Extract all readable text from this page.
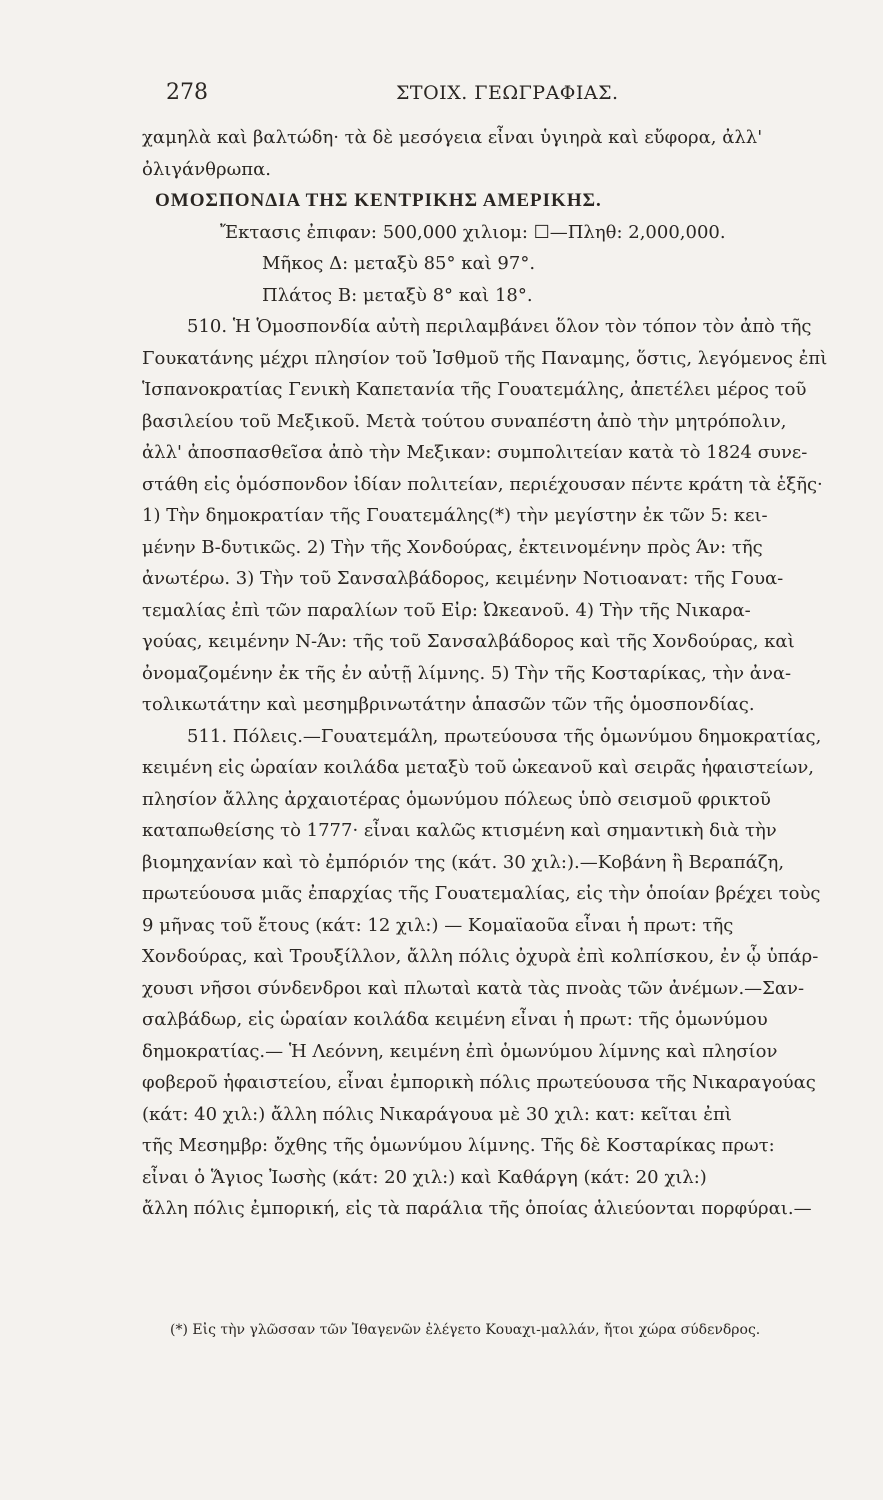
278	ΣΤΟΙΧ. ΓΕΩΓΡΑΦΙΑΣ.

χαμηλὰ καὶ βαλτώδη· τὰ δὲ μεσόγεια εἶναι ὑγιηρὰ καὶ εὔφορα, ἀλλ'

ὀλιγάνθρωπα.

ΟΜΟΣΠΟΝΔΙΑ ΤΗΣ ΚΕΝΤΡΙΚΗΣ ΑΜΕΡΙΚΗΣ.

Ἔκτασις ἐπιφαν: 500,000 χιλιομ: ☐—Πληθ: 2,000,000.

Μῆκος Δ: μεταξὺ 85° καὶ 97°.

Πλάτος Β: μεταξὺ 8° καὶ 18°.

510. Ἡ Ὁμοσπονδία αὐτὴ περιλαμβάνει ὅλον τὸν τόπον τὸν ἀπὸ τῆς

Γουκατάνης μέχρι πλησίον τοῦ Ἰσθμοῦ τῆς Παναμης, ὅστις, λεγόμενος ἐπὶ

Ἱσπανοκρατίας Γενικὴ Καπετανία τῆς Γουατεμάλης, ἀπετέλει μέρος τοῦ

βασιλείου τοῦ Μεξικοῦ. Μετὰ τούτου συναπέστη ἀπὸ τὴν μητρόπολιν,

ἀλλ' ἀποσπασθεῖσα ἀπὸ τὴν Μεξικαν: συμπολιτείαν κατὰ τὸ 1824 συνε-

στάθη εἰς ὁμόσπονδον ἰδίαν πολιτείαν, περιέχουσαν πέντε κράτη τὰ ἑξῆς·

1) Τὴν δημοκρατίαν τῆς Γουατεμάλης(*) τὴν μεγίστην ἐκ τῶν 5: κει-

μένην Β-δυτικῶς. 2) Τὴν τῆς Χονδούρας, ἐκτεινομένην πρὸς Άν: τῆς

ἀνωτέρω. 3) Τὴν τοῦ Σανσαλβάδορος, κειμένην Νοτιοανατ: τῆς Γουα-

τεμαλίας ἐπὶ τῶν παραλίων τοῦ Εἰρ: Ὠκεανοῦ. 4) Τὴν τῆς Νικαρα-

γούας, κειμένην Ν-Άν: τῆς τοῦ Σανσαλβάδορος καὶ τῆς Χονδούρας, καὶ

ὀνομαζομένην ἐκ τῆς ἐν αὐτῇ λίμνης. 5) Τὴν τῆς Κοσταρίκας, τὴν ἀνα-

τολικωτάτην καὶ μεσημβρινωτάτην ἁπασῶν τῶν τῆς ὁμοσπονδίας.

511. Πόλεις.—Γουατεμάλη, πρωτεύουσα τῆς ὁμωνύμου δημοκρατίας,

κειμένη εἰς ὡραίαν κοιλάδα μεταξὺ τοῦ ὠκεανοῦ καὶ σειρᾶς ἡφαιστείων,

πλησίον ἄλλης ἀρχαιοτέρας ὁμωνύμου πόλεως ὑπὸ σεισμοῦ φρικτοῦ

καταπωθείσης τὸ 1777· εἶναι καλῶς κτισμένη καὶ σημαντικὴ διὰ τὴν

βιομηχανίαν καὶ τὸ ἐμπόριόν της (κάτ. 30 χιλ:).—Κοβάνη ἢ Βεραπάζη,

πρωτεύουσα μιᾶς ἐπαρχίας τῆς Γουατεμαλίας, εἰς τὴν ὁποίαν βρέχει τοὺς

9 μῆνας τοῦ ἔτους (κάτ: 12 χιλ:) — Κομαϊαοῦα εἶναι ἡ πρωτ: τῆς

Χονδούρας, καὶ Τρουξίλλον, ἄλλη πόλις ὀχυρὰ ἐπὶ κολπίσκου, ἐν ᾧ ὑπάρ-

χουσι νῆσοι σύνδενδροι καὶ πλωταὶ κατὰ τὰς πνοὰς τῶν ἀνέμων.—Σαν-

σαλβάδωρ, εἰς ὡραίαν κοιλάδα κειμένη εἶναι ἡ πρωτ: τῆς ὁμωνύμου

δημοκρατίας.— Ἡ Λεόννη, κειμένη ἐπὶ ὁμωνύμου λίμνης καὶ πλησίον

φοβεροῦ ἡφαιστείου, εἶναι ἐμπορικὴ πόλις πρωτεύουσα τῆς Νικαραγούας

(κάτ: 40 χιλ:) ἄλλη πόλις Νικαράγουα μὲ 30 χιλ: κατ: κεῖται ἐπὶ

τῆς Μεσημβρ: ὄχθης τῆς ὁμωνύμου λίμνης. Τῆς δὲ Κοσταρίκας πρωτ:

εἶναι ὁ Ἅγιος Ἰωσὴς (κάτ: 20 χιλ:) καὶ Καθάργη (κάτ: 20 χιλ:)

ἄλλη πόλις ἐμπορική, εἰς τὰ παράλια τῆς ὁποίας ἁλιεύονται πορφύραι.—

(*) Εἰς τὴν γλῶσσαν τῶν Ἰθαγενῶν ἐλέγετο Κουαχι-μαλλάν, ἤτοι χώρα σύδενδρος.
